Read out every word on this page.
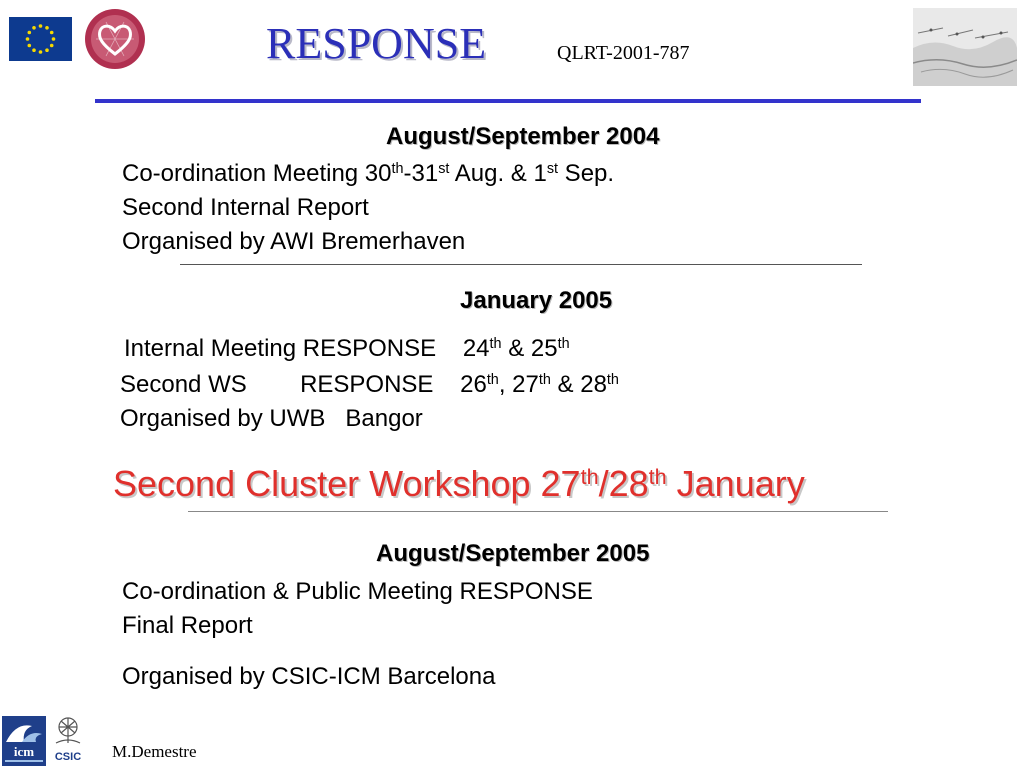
RESPONSE	QLRT-2001-787
August/September 2004
Co-ordination Meeting 30th-31st Aug. & 1st Sep.
Second Internal Report
Organised by AWI Bremerhaven
January 2005
Internal Meeting RESPONSE    24th & 25th
Second WS        RESPONSE    26th, 27th & 28th
Organised by UWB   Bangor
Second Cluster Workshop 27th/28th January
August/September 2005
Co-ordination & Public Meeting RESPONSE
Final Report
Organised by CSIC-ICM Barcelona
icm CSIC M.Demestre
